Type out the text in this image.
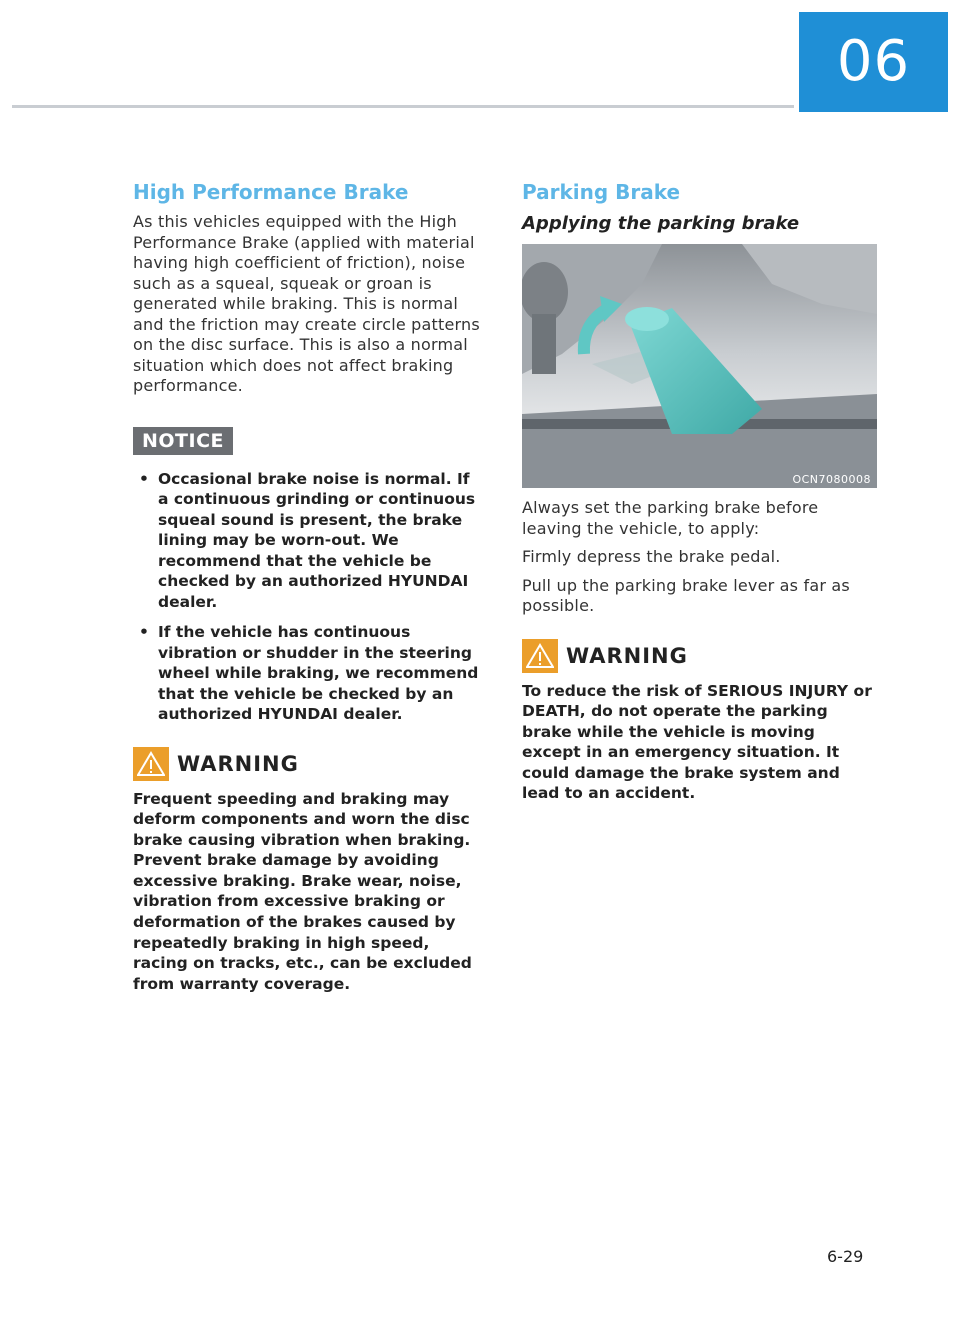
06
High Performance Brake

As this vehicles equipped with the High Performance Brake (applied with material having high coefficient of friction), noise such as a squeal, squeak or groan is generated while braking. This is normal and the friction may create circle patterns on the disc surface. This is also a normal situation which does not affect braking performance.

NOTICE
• Occasional brake noise is normal. If a continuous grinding or continuous squeal sound is present, the brake lining may be worn-out. We recommend that the vehicle be checked by an authorized HYUNDAI dealer.
• If the vehicle has continuous vibration or shudder in the steering wheel while braking, we recommend that the vehicle be checked by an authorized HYUNDAI dealer.
WARNING

Frequent speeding and braking may deform components and worn the disc brake causing vibration when braking. Prevent brake damage by avoiding excessive braking. Brake wear, noise, vibration from excessive braking or deformation of the brakes caused by repeatedly braking in high speed, racing on tracks, etc., can be excluded from warranty coverage.

Parking Brake
Applying the parking brake
OCN7080008

Always set the parking brake before leaving the vehicle, to apply:

Firmly depress the brake pedal.

Pull up the parking brake lever as far as possible.

WARNING

To reduce the risk of SERIOUS INJURY or DEATH, do not operate the parking brake while the vehicle is moving except in an emergency situation. It could damage the brake system and lead to an accident.

6-29
